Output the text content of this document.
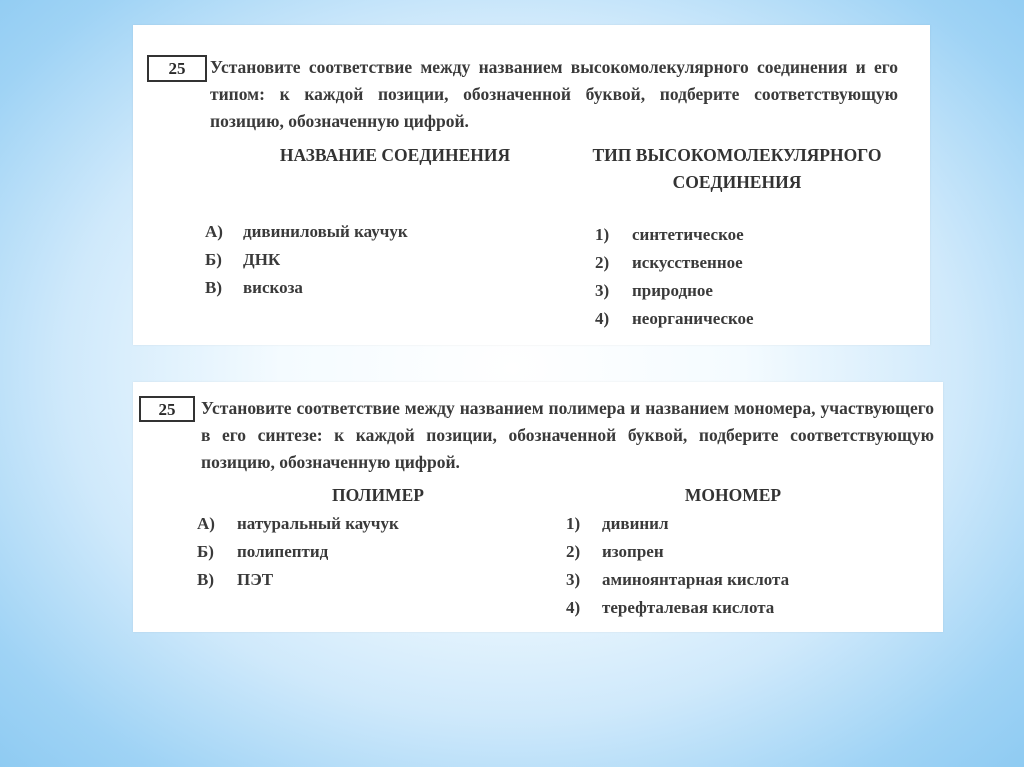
25	Установите соответствие между названием высокомолекулярного соединения и его типом: к каждой позиции, обозначенной буквой, подберите соответствующую позицию, обозначенную цифрой.
НАЗВАНИЕ СОЕДИНЕНИЯ	ТИП ВЫСОКОМОЛЕКУЛЯРНОГО СОЕДИНЕНИЯ
А) дивиниловый каучук
Б) ДНК
В) вискоза
1) синтетическое
2) искусственное
3) природное
4) неорганическое
25	Установите соответствие между названием полимера и названием мономера, участвующего в его синтезе: к каждой позиции, обозначенной буквой, подберите соответствующую позицию, обозначенную цифрой.
ПОЛИМЕР	МОНОМЕР
А) натуральный каучук
Б) полипептид
В) ПЭТ
1) дивинил
2) изопрен
3) аминоянтарная кислота
4) терефталевая кислота
